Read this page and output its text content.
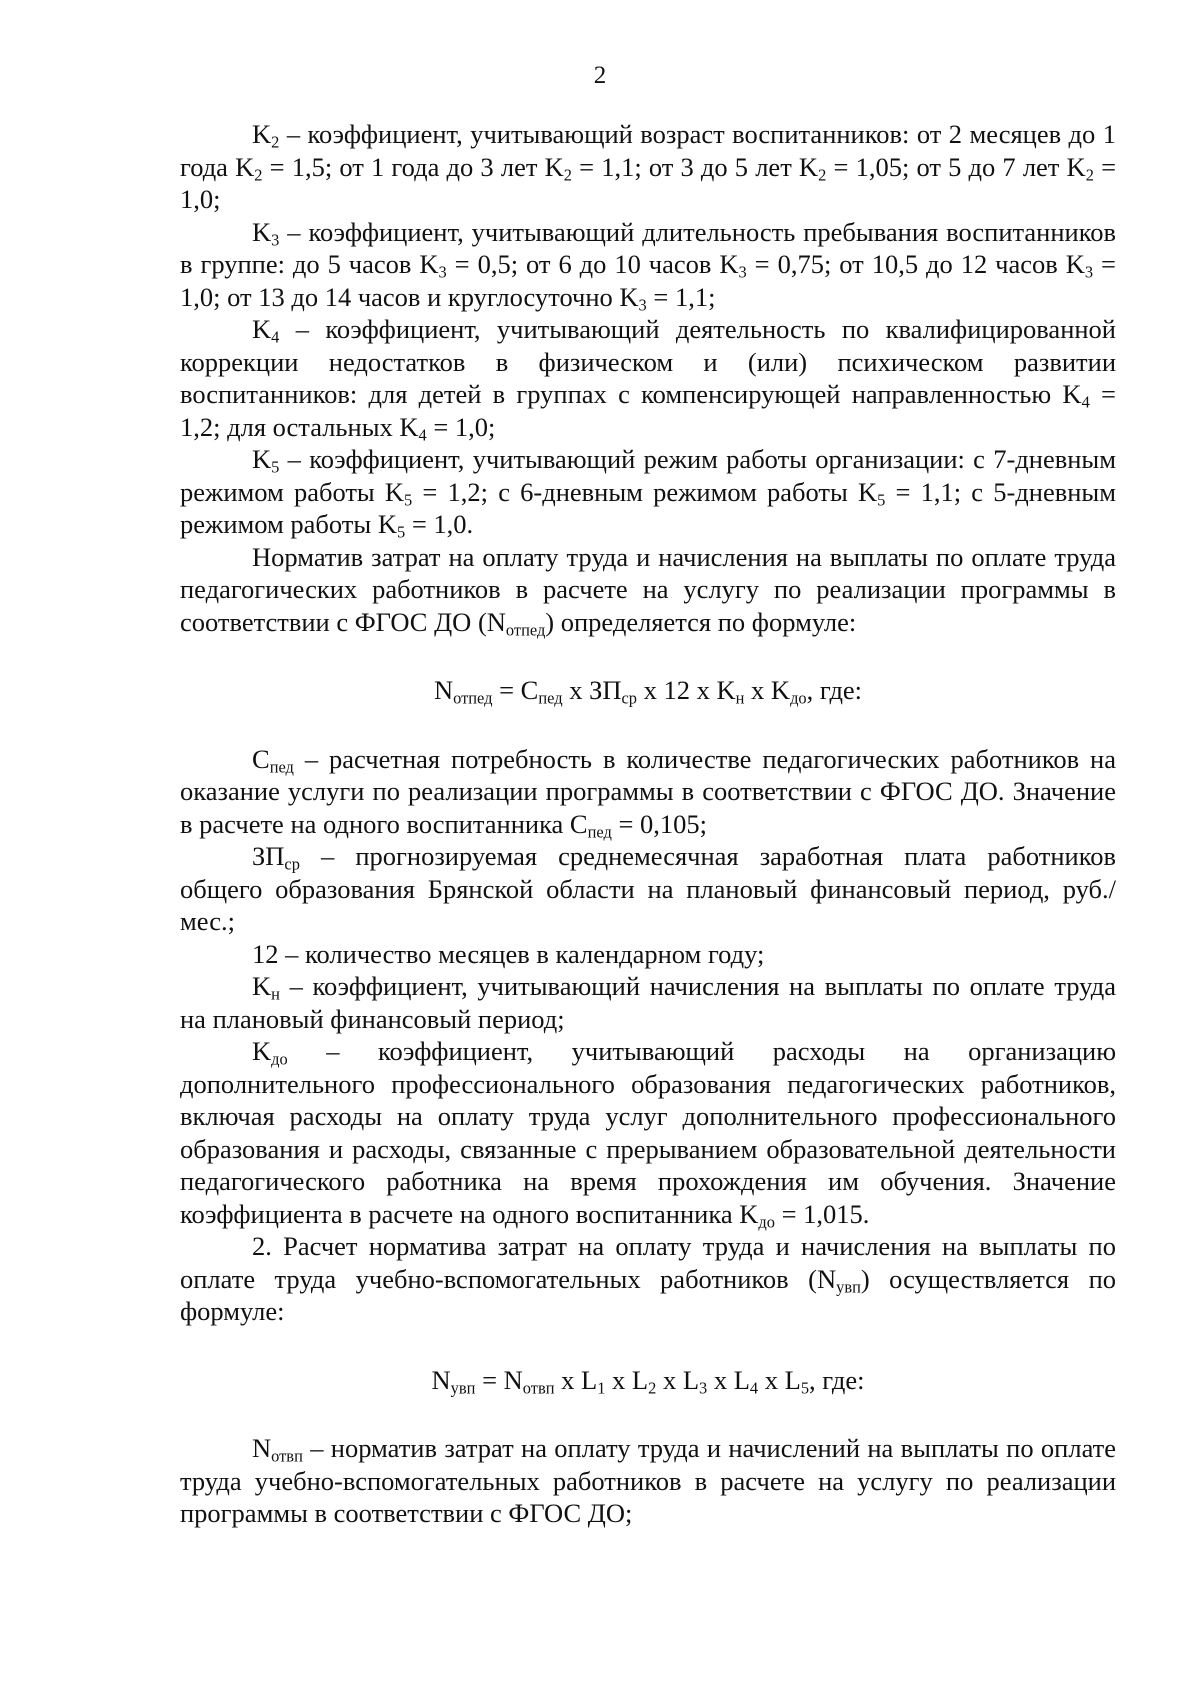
2

$K_2$ – коэффициент, учитывающий возраст воспитанников: от 2 месяцев до 1 года $K_2 = 1,5$; от 1 года до 3 лет $K_2 = 1,1$; от 3 до 5 лет $K_2 = 1,05$; от 5 до 7 лет $K_2 = 1,0$;

$K_3$ – коэффициент, учитывающий длительность пребывания воспитанников в группе: до 5 часов $K_3 = 0,5$; от 6 до 10 часов $K_3 = 0,75$; от 10,5 до 12 часов $K_3 = 1,0$; от 13 до 14 часов и круглосуточно $K_3 = 1,1$;

$K_4$ – коэффициент, учитывающий деятельность по квалифицированной коррекции недостатков в физическом и (или) психическом развитии воспитанников: для детей в группах с компенсирующей направленностью $K_4 = 1,2$; для остальных $K_4 = 1,0$;

$K_5$ – коэффициент, учитывающий режим работы организации: с 7-дневным режимом работы $K_5 = 1,2$; с 6-дневным режимом работы $K_5 = 1,1$; с 5-дневным режимом работы $K_5 = 1,0$.

Норматив затрат на оплату труда и начисления на выплаты по оплате труда педагогических работников в расчете на услугу по реализации программы в соответствии с ФГОС ДО $(N_{отпед})$ определяется по формуле:

$N_{отпед} = C_{пед}$ x $ЗП_{ср}$ x 12 x $K_н$ x $K_{до}$, где:

$C_{пед}$ – расчетная потребность в количестве педагогических работников на оказание услуги по реализации программы в соответствии с ФГОС ДО. Значение в расчете на одного воспитанника $C_{пед} = 0,105$;

$ЗП_{ср}$ – прогнозируемая среднемесячная заработная плата работников общего образования Брянской области на плановый финансовый период, руб./мес.;

12 – количество месяцев в календарном году;

$K_н$ – коэффициент, учитывающий начисления на выплаты по оплате труда на плановый финансовый период;

$K_{до}$ – коэффициент, учитывающий расходы на организацию дополнительного профессионального образования педагогических работников, включая расходы на оплату труда услуг дополнительного профессионального образования и расходы, связанные с прерыванием образовательной деятельности педагогического работника на время прохождения им обучения. Значение коэффициента в расчете на одного воспитанника $K_{до} = 1,015$.

2. Расчет норматива затрат на оплату труда и начисления на выплаты по оплате труда учебно-вспомогательных работников $(N_{увп})$ осуществляется по формуле:

$N_{увп} = N_{отвп}$ x $L_1$ x $L_2$ x $L_3$ x $L_4$ x $L_5$, где:

$N_{отвп}$ – норматив затрат на оплату труда и начислений на выплаты по оплате труда учебно-вспомогательных работников в расчете на услугу по реализации программы в соответствии с ФГОС ДО;
